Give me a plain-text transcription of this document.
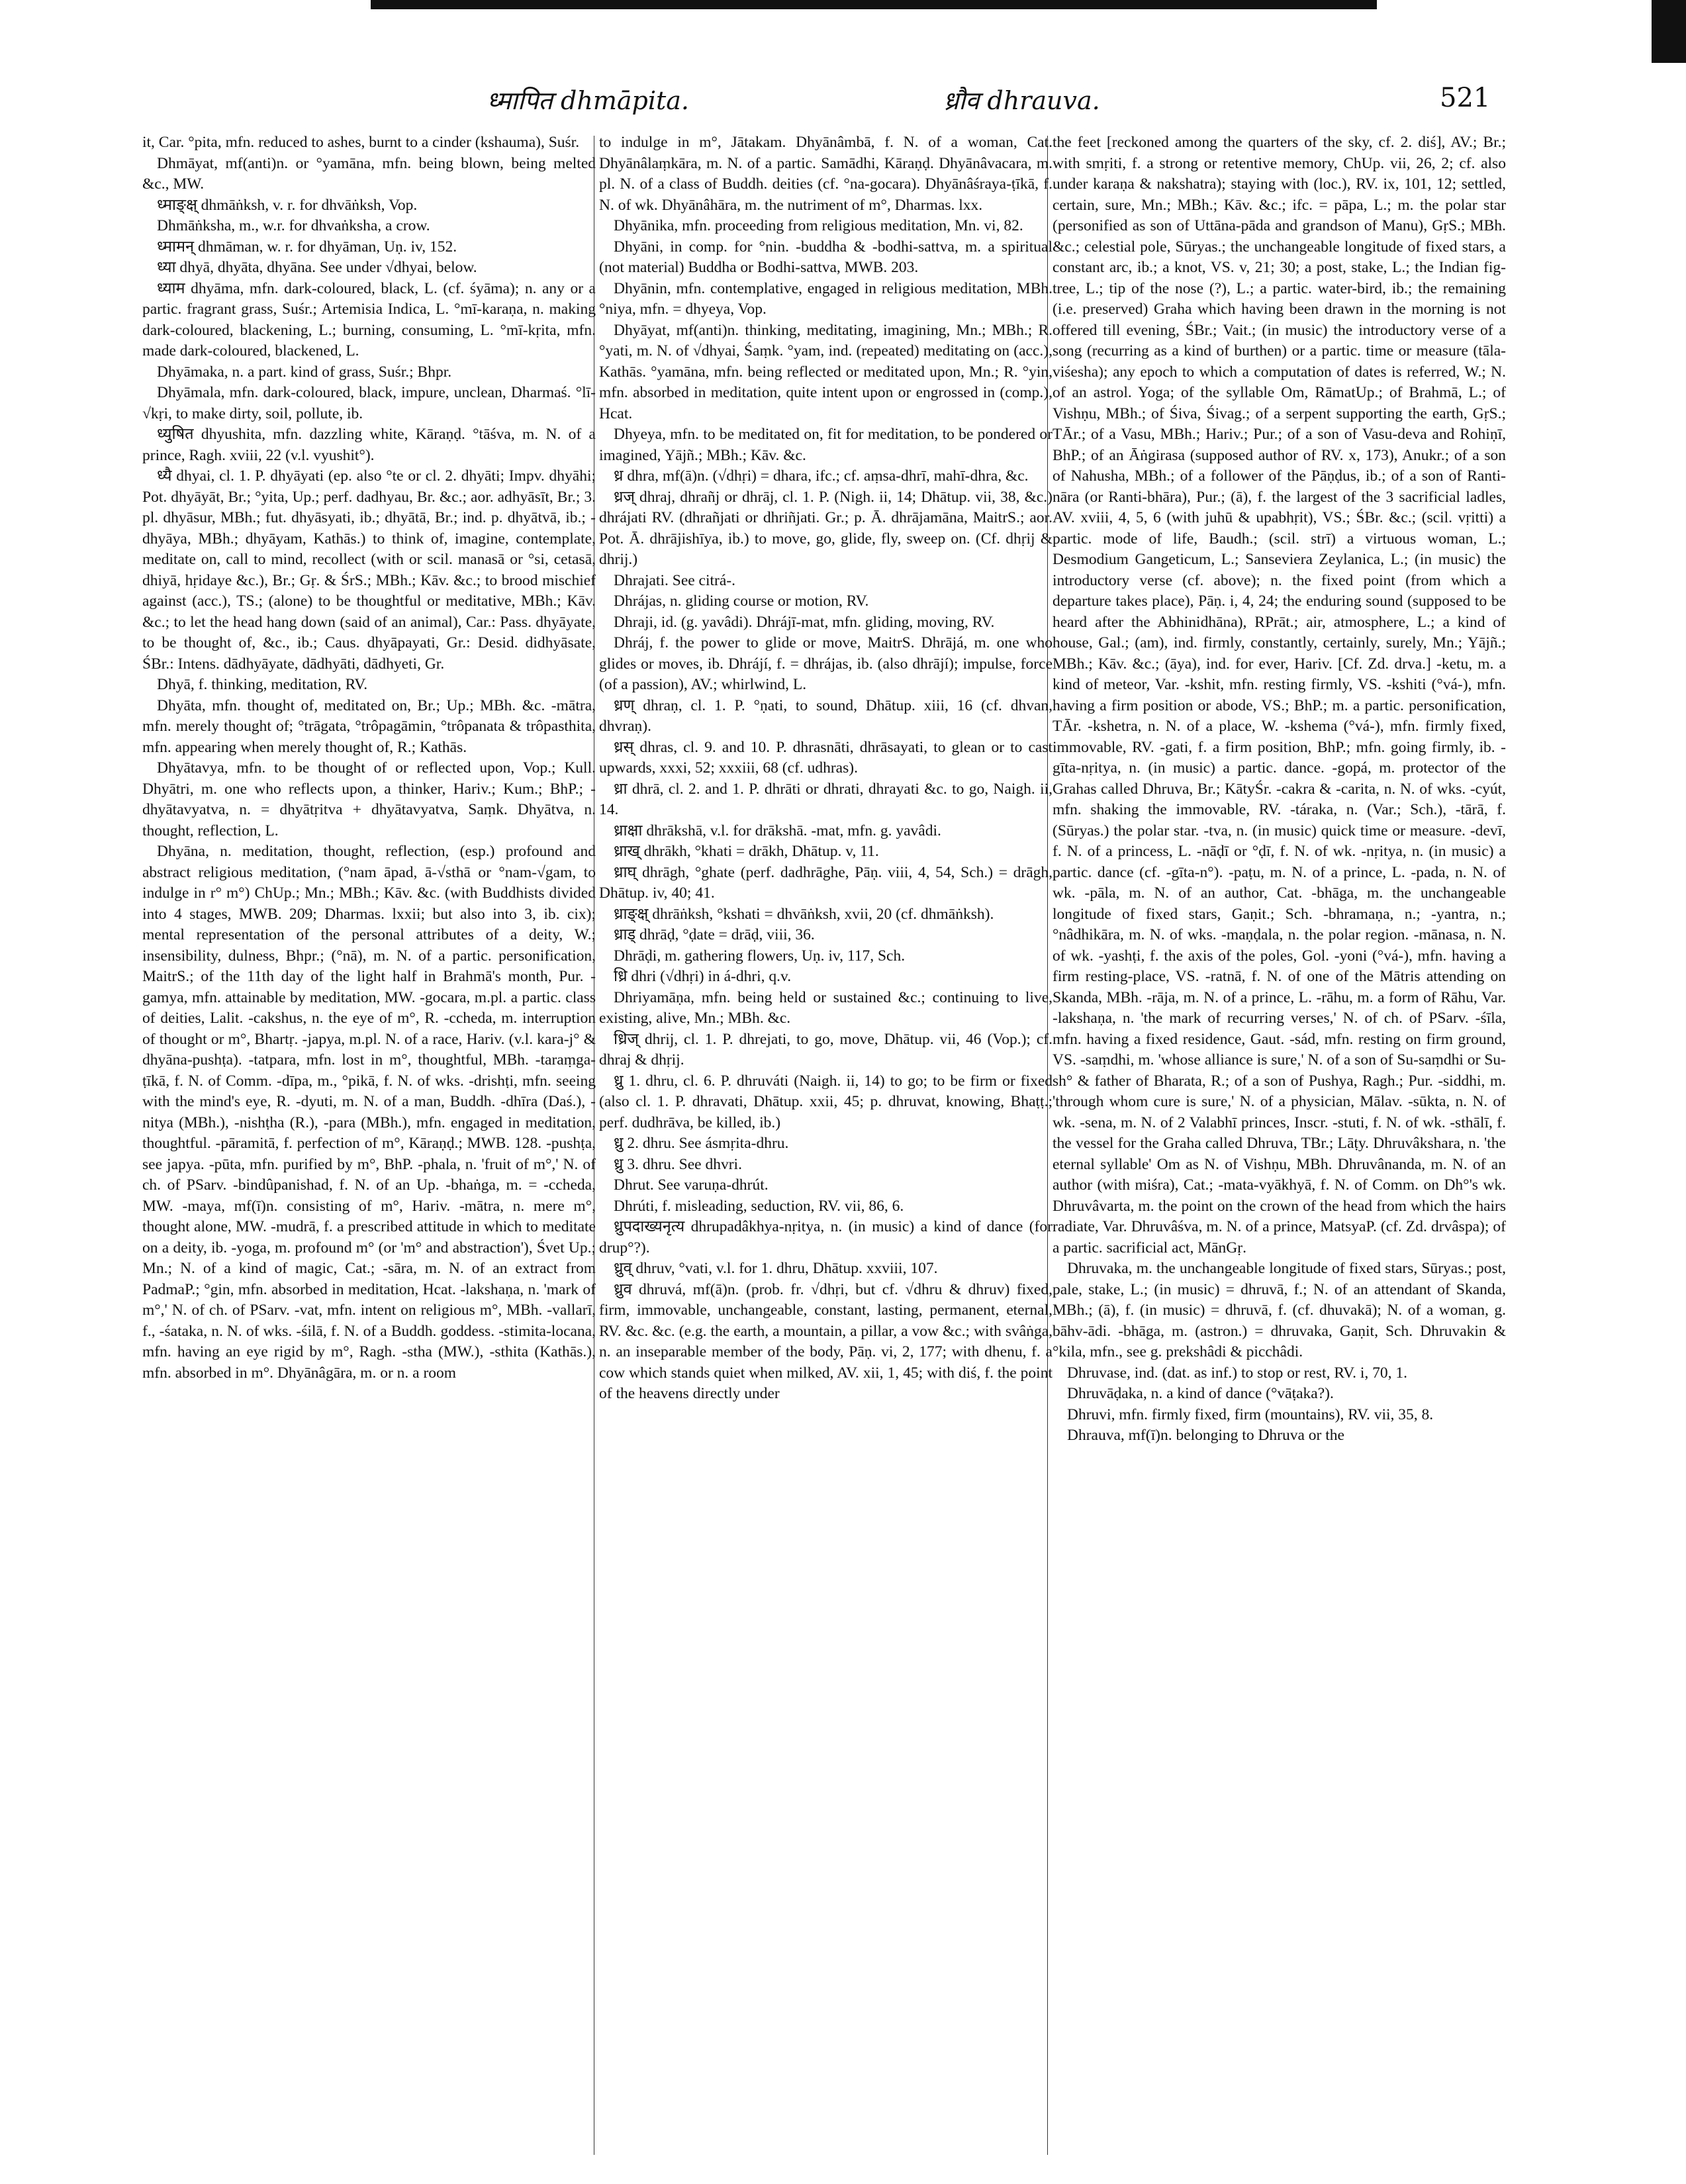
ध्मापित dhmāpita.	ध्रौव dhrauva.	521

it, Car. °pita, mfn. reduced to ashes, burnt to a cinder (kshauma), Suśr.

Dhmāyat, mf(anti)n. or °yamāna, mfn. being blown, being melted &c., MW.

ध्माङ्क्ष् dhmāṅksh, v. r. for dhvāṅksh, Vop.

Dhmāṅksha, m., w.r. for dhvaṅksha, a crow.

ध्मामन् dhmāman, w. r. for dhyāman, Uṇ. iv, 152.

ध्या dhyā, dhyāta, dhyāna. See under √dhyai, below.

ध्याम dhyāma, mfn. dark-coloured, black, L. (cf. śyāma); n. any or a partic. fragrant grass, Suśr.; Artemisia Indica, L. °mī-karaṇa, n. making dark-coloured, blackening, L.; burning, consuming, L. °mī-kṛita, mfn. made dark-coloured, blackened, L.

Dhyāmaka, n. a part. kind of grass, Suśr.; Bhpr.

Dhyāmala, mfn. dark-coloured, black, impure, unclean, Dharmaś. °lī-√kṛi, to make dirty, soil, pollute, ib.

ध्युषित dhyushita, mfn. dazzling white, Kāraṇḍ. °tāśva, m. N. of a prince, Ragh. xviii, 22 (v.l. vyushit°).

ध्यै dhyai, cl. 1. P. dhyāyati (ep. also °te or cl. 2. dhyāti; Impv. dhyāhi; Pot. dhyāyāt, Br.; °yita, Up.; perf. dadhyau, Br. &c.; aor. adhyāsīt, Br.; 3. pl. dhyāsur, MBh.; fut. dhyāsyati, ib.; dhyātā, Br.; ind. p. dhyātvā, ib.; -dhyāya, MBh.; dhyāyam, Kathās.) to think of, imagine, contemplate, meditate on, call to mind, recollect (with or scil. manasā or °si, cetasā, dhiyā, hṛidaye &c.), Br.; Gṛ. & ŚrS.; MBh.; Kāv. &c.; to brood mischief against (acc.), TS.; (alone) to be thoughtful or meditative, MBh.; Kāv. &c.; to let the head hang down (said of an animal), Car.: Pass. dhyāyate, to be thought of, &c., ib.; Caus. dhyāpayati, Gr.: Desid. didhyāsate, ŚBr.: Intens. dādhyāyate, dādhyāti, dādhyeti, Gr.

Dhyā, f. thinking, meditation, RV.

Dhyāta, mfn. thought of, meditated on, Br.; Up.; MBh. &c. -mātra, mfn. merely thought of; °trāgata, °trôpagāmin, °trôpanata & trôpasthita, mfn. appearing when merely thought of, R.; Kathās.

Dhyātavya, mfn. to be thought of or reflected upon, Vop.; Kull. Dhyātri, m. one who reflects upon, a thinker, Hariv.; Kum.; BhP.; -dhyātavyatva, n. = dhyātṛitva + dhyātavyatva, Saṃk. Dhyātva, n. thought, reflection, L.

Dhyāna, n. meditation, thought, reflection, (esp.) profound and abstract religious meditation, (°nam āpad, ā-√sthā or °nam-√gam, to indulge in r° m°) ChUp.; Mn.; MBh.; Kāv. &c. (with Buddhists divided into 4 stages, MWB. 209; Dharmas. lxxii; but also into 3, ib. cix); mental representation of the personal attributes of a deity, W.; insensibility, dulness, Bhpr.; (°nā), m. N. of a partic. personification, MaitrS.; of the 11th day of the light half in Brahmā's month, Pur. -gamya, mfn. attainable by meditation, MW. -gocara, m.pl. a partic. class of deities, Lalit. -cakshus, n. the eye of m°, R. -ccheda, m. interruption of thought or m°, Bhartṛ. -japya, m.pl. N. of a race, Hariv. (v.l. kara-j° & dhyāna-pushṭa). -tatpara, mfn. lost in m°, thoughtful, MBh. -taraṃga-ṭīkā, f. N. of Comm. -dīpa, m., °pikā, f. N. of wks. -drishṭi, mfn. seeing with the mind's eye, R. -dyuti, m. N. of a man, Buddh. -dhīra (Daś.), -nitya (MBh.), -nishṭha (R.), -para (MBh.), mfn. engaged in meditation, thoughtful. -pāramitā, f. perfection of m°, Kāraṇḍ.; MWB. 128. -pushṭa, see japya. -pūta, mfn. purified by m°, BhP. -phala, n. 'fruit of m°,' N. of ch. of PSarv. -bindûpanishad, f. N. of an Up. -bhaṅga, m. = -ccheda, MW. -maya, mf(ī)n. consisting of m°, Hariv. -mātra, n. mere m°, thought alone, MW. -mudrā, f. a prescribed attitude in which to meditate on a deity, ib. -yoga, m. profound m° (or 'm° and abstraction'), Śvet Up.; Mn.; N. of a kind of magic, Cat.; -sāra, m. N. of an extract from PadmaP.; °gin, mfn. absorbed in meditation, Hcat. -lakshaṇa, n. 'mark of m°,' N. of ch. of PSarv. -vat, mfn. intent on religious m°, MBh. -vallarī, f., -śataka, n. N. of wks. -śilā, f. N. of a Buddh. goddess. -stimita-locana, mfn. having an eye rigid by m°, Ragh. -stha (MW.), -sthita (Kathās.), mfn. absorbed in m°. Dhyānâgāra, m. or n. a room

to indulge in m°, Jātakam. Dhyānâmbā, f. N. of a woman, Cat. Dhyānâlaṃkāra, m. N. of a partic. Samādhi, Kāraṇḍ. Dhyānâvacara, m. pl. N. of a class of Buddh. deities (cf. °na-gocara). Dhyānâśraya-ṭīkā, f. N. of wk. Dhyānâhāra, m. the nutriment of m°, Dharmas. lxx.

Dhyānika, mfn. proceeding from religious meditation, Mn. vi, 82.

Dhyāni, in comp. for °nin. -buddha & -bodhi-sattva, m. a spiritual (not material) Buddha or Bodhi-sattva, MWB. 203.

Dhyānin, mfn. contemplative, engaged in religious meditation, MBh. °niya, mfn. = dhyeya, Vop.

Dhyāyat, mf(anti)n. thinking, meditating, imagining, Mn.; MBh.; R. °yati, m. N. of √dhyai, Śaṃk. °yam, ind. (repeated) meditating on (acc.), Kathās. °yamāna, mfn. being reflected or meditated upon, Mn.; R. °yin, mfn. absorbed in meditation, quite intent upon or engrossed in (comp.), Hcat.

Dhyeya, mfn. to be meditated on, fit for meditation, to be pondered or imagined, Yājñ.; MBh.; Kāv. &c.

ध्र dhra, mf(ā)n. (√dhṛi) = dhara, ifc.; cf. aṃsa-dhrī, mahī-dhra, &c.

ध्रज् dhraj, dhrañj or dhrāj, cl. 1. P. (Nigh. ii, 14; Dhātup. vii, 38, &c.) dhrájati RV. (dhrañjati or dhriñjati. Gr.; p. Ā. dhrājamāna, MaitrS.; aor. Pot. Ā. dhrājishīya, ib.) to move, go, glide, fly, sweep on. (Cf. dhṛij & dhrij.)

Dhrajati. See citrá-.

Dhrájas, n. gliding course or motion, RV.

Dhraji, id. (g. yavâdi). Dhrájī-mat, mfn. gliding, moving, RV.

Dhráj, f. the power to glide or move, MaitrS. Dhrājá, m. one who glides or moves, ib. Dhrájí, f. = dhrájas, ib. (also dhrājí); impulse, force (of a passion), AV.; whirlwind, L.

ध्रण् dhraṇ, cl. 1. P. °ṇati, to sound, Dhātup. xiii, 16 (cf. dhvan, dhvraṇ).

ध्रस् dhras, cl. 9. and 10. P. dhrasnāti, dhrāsayati, to glean or to cast upwards, xxxi, 52; xxxiii, 68 (cf. udhras).

ध्रा dhrā, cl. 2. and 1. P. dhrāti or dhrati, dhrayati &c. to go, Naigh. ii, 14.

ध्राक्षा dhrākshā, v.l. for drākshā. -mat, mfn. g. yavâdi.

ध्राख् dhrākh, °khati = drākh, Dhātup. v, 11.

ध्राघ् dhrāgh, °ghate (perf. dadhrāghe, Pāṇ. viii, 4, 54, Sch.) = drāgh, Dhātup. iv, 40; 41.

ध्राङ्क्ष् dhrāṅksh, °kshati = dhvāṅksh, xvii, 20 (cf. dhmāṅksh).

ध्राड् dhrāḍ, °ḍate = drāḍ, viii, 36.

Dhrāḍi, m. gathering flowers, Uṇ. iv, 117, Sch.

ध्रि dhri (√dhṛi) in á-dhri, q.v.

Dhriyamāṇa, mfn. being held or sustained &c.; continuing to live, existing, alive, Mn.; MBh. &c.

ध्रिज् dhrij, cl. 1. P. dhrejati, to go, move, Dhātup. vii, 46 (Vop.); cf. dhraj & dhṛij.

ध्रु 1. dhru, cl. 6. P. dhruváti (Naigh. ii, 14) to go; to be firm or fixed (also cl. 1. P. dhravati, Dhātup. xxii, 45; p. dhruvat, knowing, Bhaṭṭ.; perf. dudhrāva, be killed, ib.)

ध्रु 2. dhru. See ásmṛita-dhru.

ध्रु 3. dhru. See dhvri.

Dhrut. See varuṇa-dhrút.

Dhrúti, f. misleading, seduction, RV. vii, 86, 6.

ध्रुपदाख्यनृत्य dhrupadâkhya-nṛitya, n. (in music) a kind of dance (for drup°?).

ध्रुव् dhruv, °vati, v.l. for 1. dhru, Dhātup. xxviii, 107.

ध्रुव dhruvá, mf(ā)n. (prob. fr. √dhṛi, but cf. √dhru & dhruv) fixed, firm, immovable, unchangeable, constant, lasting, permanent, eternal, RV. &c. &c. (e.g. the earth, a mountain, a pillar, a vow &c.; with svâṅga, n. an inseparable member of the body, Pāṇ. vi, 2, 177; with dhenu, f. a cow which stands quiet when milked, AV. xii, 1, 45; with diś, f. the point of the heavens directly under

the feet [reckoned among the quarters of the sky, cf. 2. diś], AV.; Br.; with smṛiti, f. a strong or retentive memory, ChUp. vii, 26, 2; cf. also under karaṇa & nakshatra); staying with (loc.), RV. ix, 101, 12; settled, certain, sure, Mn.; MBh.; Kāv. &c.; ifc. = pāpa, L.; m. the polar star (personified as son of Uttāna-pāda and grandson of Manu), GṛS.; MBh. &c.; celestial pole, Sūryas.; the unchangeable longitude of fixed stars, a constant arc, ib.; a knot, VS. v, 21; 30; a post, stake, L.; the Indian fig-tree, L.; tip of the nose (?), L.; a partic. water-bird, ib.; the remaining (i.e. preserved) Graha which having been drawn in the morning is not offered till evening, ŚBr.; Vait.; (in music) the introductory verse of a song (recurring as a kind of burthen) or a partic. time or measure (tāla-viśesha); any epoch to which a computation of dates is referred, W.; N. of an astrol. Yoga; of the syllable Om, RāmatUp.; of Brahmā, L.; of Vishṇu, MBh.; of Śiva, Śivag.; of a serpent supporting the earth, GṛS.; TĀr.; of a Vasu, MBh.; Hariv.; Pur.; of a son of Vasu-deva and Rohiṇī, BhP.; of an Āṅgirasa (supposed author of RV. x, 173), Anukr.; of a son of Nahusha, MBh.; of a follower of the Pāṇḍus, ib.; of a son of Ranti-nāra (or Ranti-bhāra), Pur.; (ā), f. the largest of the 3 sacrificial ladles, AV. xviii, 4, 5, 6 (with juhū & upabhṛit), VS.; ŚBr. &c.; (scil. vṛitti) a partic. mode of life, Baudh.; (scil. strī) a virtuous woman, L.; Desmodium Gangeticum, L.; Sanseviera Zeylanica, L.; (in music) the introductory verse (cf. above); n. the fixed point (from which a departure takes place), Pāṇ. i, 4, 24; the enduring sound (supposed to be heard after the Abhinidhāna), RPrāt.; air, atmosphere, L.; a kind of house, Gal.; (am), ind. firmly, constantly, certainly, surely, Mn.; Yājñ.; MBh.; Kāv. &c.; (āya), ind. for ever, Hariv. [Cf. Zd. drva.] -ketu, m. a kind of meteor, Var. -kshit, mfn. resting firmly, VS. -kshiti (°vá-), mfn. having a firm position or abode, VS.; BhP.; m. a partic. personification, TĀr. -kshetra, n. N. of a place, W. -kshema (°vá-), mfn. firmly fixed, immovable, RV. -gati, f. a firm position, BhP.; mfn. going firmly, ib. -gīta-nṛitya, n. (in music) a partic. dance. -gopá, m. protector of the Grahas called Dhruva, Br.; KātyŚr. -cakra & -carita, n. N. of wks. -cyút, mfn. shaking the immovable, RV. -táraka, n. (Var.; Sch.), -tārā, f. (Sūryas.) the polar star. -tva, n. (in music) quick time or measure. -devī, f. N. of a princess, L. -nāḍī or °ḍī, f. N. of wk. -nṛitya, n. (in music) a partic. dance (cf. -gīta-n°). -paṭu, m. N. of a prince, L. -pada, n. N. of wk. -pāla, m. N. of an author, Cat. -bhāga, m. the unchangeable longitude of fixed stars, Gaṇit.; Sch. -bhramaṇa, n.; -yantra, n.; °nâdhikāra, m. N. of wks. -maṇḍala, n. the polar region. -mānasa, n. N. of wk. -yashṭi, f. the axis of the poles, Gol. -yoni (°vá-), mfn. having a firm resting-place, VS. -ratnā, f. N. of one of the Mātris attending on Skanda, MBh. -rāja, m. N. of a prince, L. -rāhu, m. a form of Rāhu, Var. -lakshaṇa, n. 'the mark of recurring verses,' N. of ch. of PSarv. -śīla, mfn. having a fixed residence, Gaut. -sád, mfn. resting on firm ground, VS. -saṃdhi, m. 'whose alliance is sure,' N. of a son of Su-saṃdhi or Su-sh° & father of Bharata, R.; of a son of Pushya, Ragh.; Pur. -siddhi, m. 'through whom cure is sure,' N. of a physician, Mālav. -sūkta, n. N. of wk. -sena, m. N. of 2 Valabhī princes, Inscr. -stuti, f. N. of wk. -sthālī, f. the vessel for the Graha called Dhruva, TBr.; Lāṭy. Dhruvâkshara, n. 'the eternal syllable' Om as N. of Vishṇu, MBh. Dhruvânanda, m. N. of an author (with miśra), Cat.; -mata-vyākhyā, f. N. of Comm. on Dh°'s wk. Dhruvâvarta, m. the point on the crown of the head from which the hairs radiate, Var. Dhruvâśva, m. N. of a prince, MatsyaP. (cf. Zd. drvâspa); of a partic. sacrificial act, MānGṛ.

Dhruvaka, m. the unchangeable longitude of fixed stars, Sūryas.; post, pale, stake, L.; (in music) = dhruvā, f.; N. of an attendant of Skanda, MBh.; (ā), f. (in music) = dhruvā, f. (cf. dhuvakā); N. of a woman, g. bāhv-ādi. -bhāga, m. (astron.) = dhruvaka, Gaṇit, Sch. Dhruvakin & °kila, mfn., see g. prekshâdi & picchâdi.

Dhruvase, ind. (dat. as inf.) to stop or rest, RV. i, 70, 1.

Dhruvāḍaka, n. a kind of dance (°vāṭaka?).

Dhruvi, mfn. firmly fixed, firm (mountains), RV. vii, 35, 8.

Dhrauva, mf(ī)n. belonging to Dhruva or the
